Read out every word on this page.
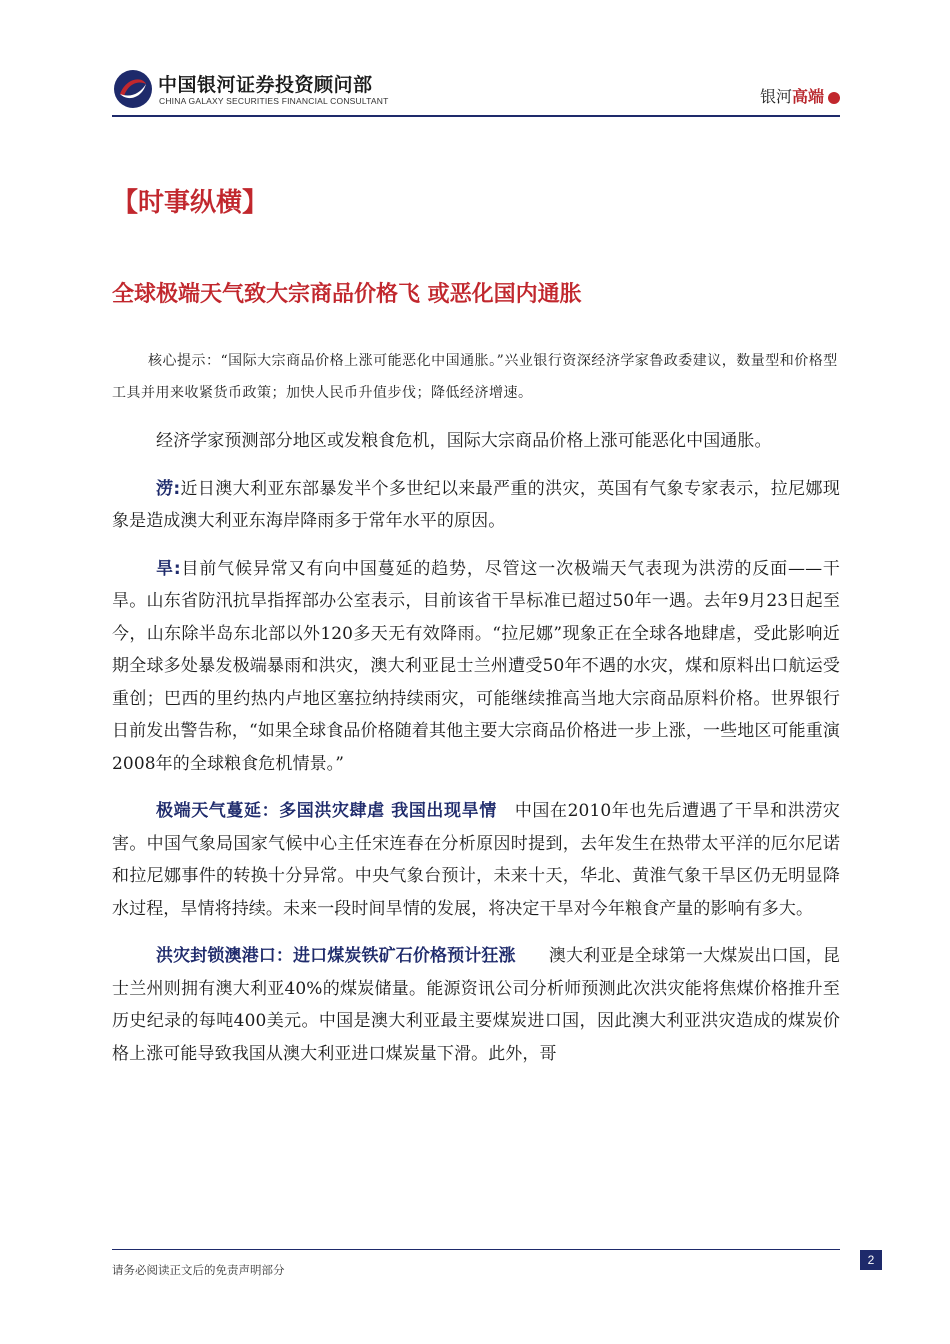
中国银河证券投资顾问部
CHINA GALAXY SECURITIES FINANCIAL CONSULTANT	银河高端
【时事纵横】
全球极端天气致大宗商品价格飞 或恶化国内通胀

核心提示：“国际大宗商品价格上涨可能恶化中国通胀。”兴业银行资深经济学家鲁政委建议，数量型和价格型工具并用来收紧货币政策；加快人民币升值步伐；降低经济增速。

经济学家预测部分地区或发粮食危机，国际大宗商品价格上涨可能恶化中国通胀。

涝:近日澳大利亚东部暴发半个多世纪以来最严重的洪灾，英国有气象专家表示，拉尼娜现象是造成澳大利亚东海岸降雨多于常年水平的原因。

旱:目前气候异常又有向中国蔓延的趋势，尽管这一次极端天气表现为洪涝的反面——干旱。山东省防汛抗旱指挥部办公室表示，目前该省干旱标准已超过50年一遇。去年9月23日起至今，山东除半岛东北部以外120多天无有效降雨。“拉尼娜”现象正在全球各地肆虐，受此影响近期全球多处暴发极端暴雨和洪灾，澳大利亚昆士兰州遭受50年不遇的水灾，煤和原料出口航运受重创；巴西的里约热内卢地区塞拉纳持续雨灾，可能继续推高当地大宗商品原料价格。世界银行日前发出警告称，“如果全球食品价格随着其他主要大宗商品价格进一步上涨，一些地区可能重演2008年的全球粮食危机情景。”

极端天气蔓延：多国洪灾肆虐 我国出现旱情 中国在2010年也先后遭遇了干旱和洪涝灾害。中国气象局国家气候中心主任宋连春在分析原因时提到，去年发生在热带太平洋的厄尔尼诺和拉尼娜事件的转换十分异常。中央气象台预计，未来十天，华北、黄淮气象干旱区仍无明显降水过程，旱情将持续。未来一段时间旱情的发展，将决定干旱对今年粮食产量的影响有多大。

洪灾封锁澳港口：进口煤炭铁矿石价格预计狂涨 澳大利亚是全球第一大煤炭出口国，昆士兰州则拥有澳大利亚40%的煤炭储量。能源资讯公司分析师预测此次洪灾能将焦煤价格推升至历史纪录的每吨400美元。中国是澳大利亚最主要煤炭进口国，因此澳大利亚洪灾造成的煤炭价格上涨可能导致我国从澳大利亚进口煤炭量下滑。此外，哥

请务必阅读正文后的免责声明部分
2
